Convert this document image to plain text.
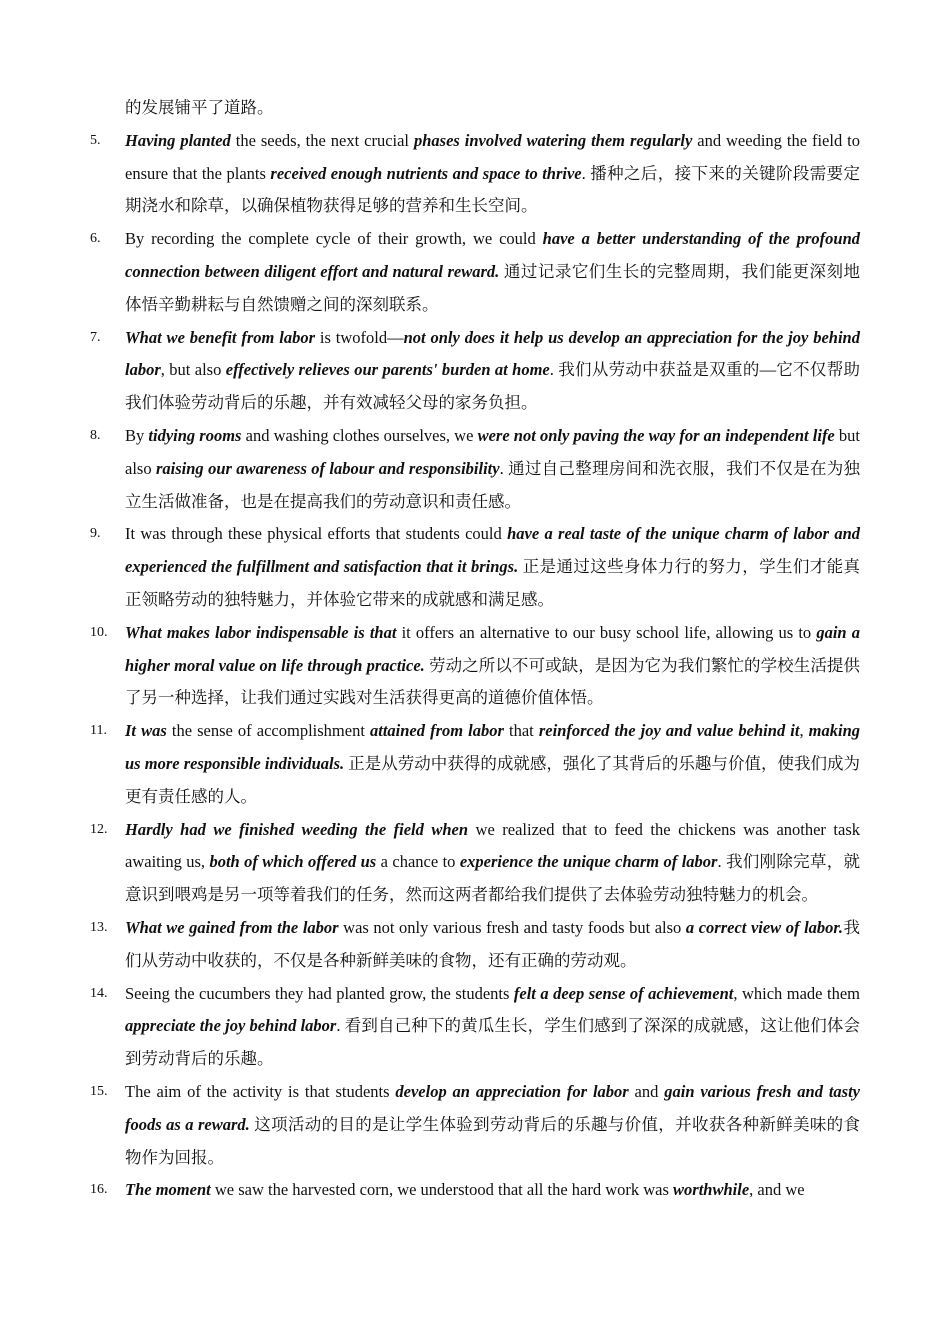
的发展铺平了道路。
5. Having planted the seeds, the next crucial phases involved watering them regularly and weeding the field to ensure that the plants received enough nutrients and space to thrive. 播种之后，接下来的关键阶段需要定期浇水和除草，以确保植物获得足够的营养和生长空间。
6. By recording the complete cycle of their growth, we could have a better understanding of the profound connection between diligent effort and natural reward. 通过记录它们生长的完整周期，我们能更深刻地体悟辛勤耕耘与自然馈赠之间的深刻联系。
7. What we benefit from labor is twofold—not only does it help us develop an appreciation for the joy behind labor, but also effectively relieves our parents' burden at home. 我们从劳动中获益是双重的—它不仅帮助我们体验劳动背后的乐趣，并有效减轻父母的家务负担。
8. By tidying rooms and washing clothes ourselves, we were not only paving the way for an independent life but also raising our awareness of labour and responsibility. 通过自己整理房间和洗衣服，我们不仅是在为独立生活做准备，也是在提高我们的劳动意识和责任感。
9. It was through these physical efforts that students could have a real taste of the unique charm of labor and experienced the fulfillment and satisfaction that it brings. 正是通过这些身体力行的努力，学生们才能真正领略劳动的独特魅力，并体验它带来的成就感和满足感。
10. What makes labor indispensable is that it offers an alternative to our busy school life, allowing us to gain a higher moral value on life through practice. 劳动之所以不可或缺，是因为它为我们繁忙的学校生活提供了另一种选择，让我们通过实践对生活获得更高的道德价值体悟。
11. It was the sense of accomplishment attained from labor that reinforced the joy and value behind it, making us more responsible individuals. 正是从劳动中获得的成就感，强化了其背后的乐趣与价值，使我们成为更有责任感的人。
12. Hardly had we finished weeding the field when we realized that to feed the chickens was another task awaiting us, both of which offered us a chance to experience the unique charm of labor. 我们刚除完草，就意识到喂鸡是另一项等着我们的任务，然而这两者都给我们提供了去体验劳动独特魅力的机会。
13. What we gained from the labor was not only various fresh and tasty foods but also a correct view of labor.我们从劳动中收获的，不仅是各种新鲜美味的食物，还有正确的劳动观。
14. Seeing the cucumbers they had planted grow, the students felt a deep sense of achievement, which made them appreciate the joy behind labor. 看到自己种下的黄瓜生长，学生们感到了深深的成就感，这让他们体会到劳动背后的乐趣。
15. The aim of the activity is that students develop an appreciation for labor and gain various fresh and tasty foods as a reward. 这项活动的目的是让学生体验到劳动背后的乐趣与价值，并收获各种新鲜美味的食物作为回报。
16. The moment we saw the harvested corn, we understood that all the hard work was worthwhile, and we
